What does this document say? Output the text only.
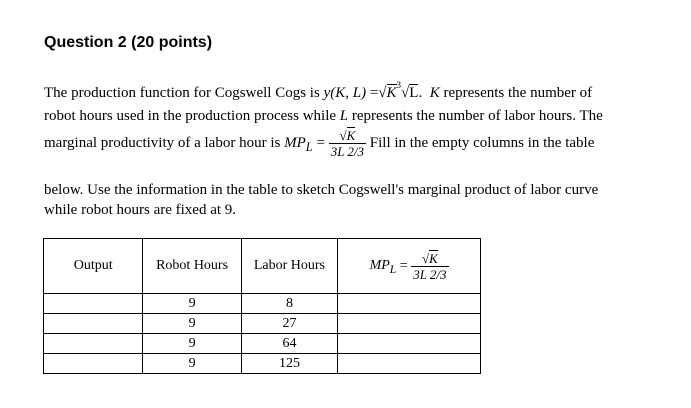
Question 2 (20 points)
The production function for Cogswell Cogs is y(K, $L) =√K^3√L$. K represents the number of
robot hours used in the production process while L represents the number of labor hours. The
marginal productivity of a labor hour is $MP_L = \frac{√K}{3L 2/3}$ Fill in the empty columns in the table
below. Use the information in the table to sketch Cogswell's marginal product of labor curve
while robot hours are fixed at 9.
Output	Robot Hours	Labor Hours	$MP_L = \frac{√K}{3L 2/3}$

	9	8	
	9	27	
	9	64	
	9	125	
